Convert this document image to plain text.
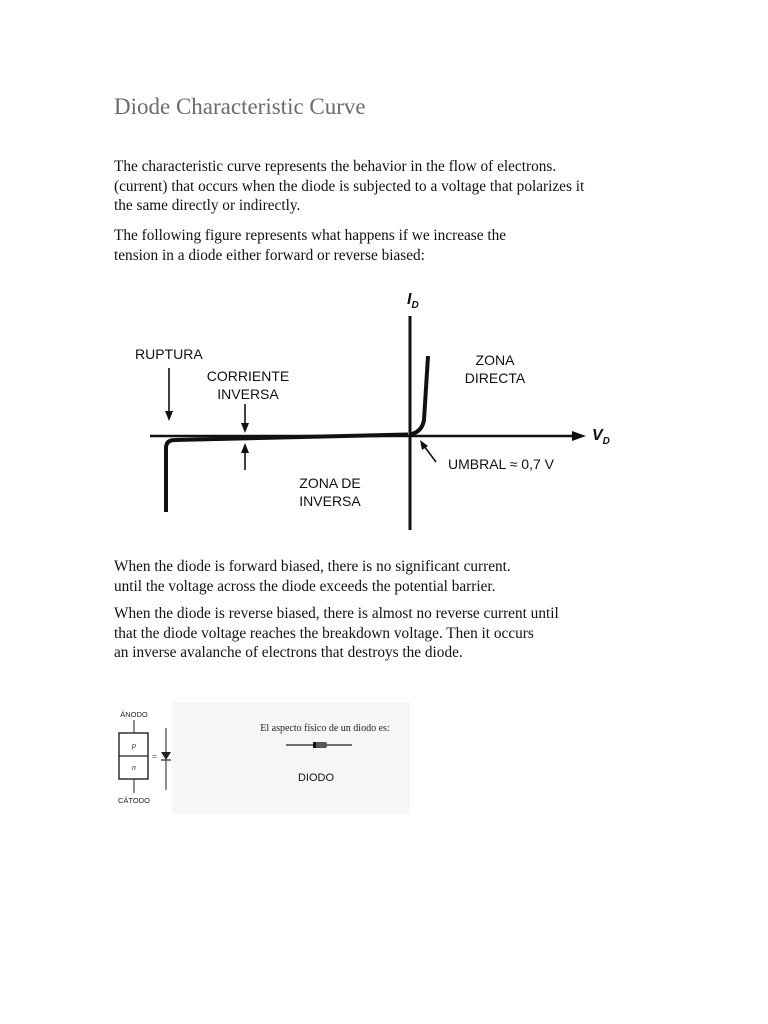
Diode Characteristic Curve

The characteristic curve represents the behavior in the flow of electrons.
(current) that occurs when the diode is subjected to a voltage that polarizes it
the same directly or indirectly.

The following figure represents what happens if we increase the
tension in a diode either forward or reverse biased:

$I_D$
$V_D$
RUPTURA
CORRIENTE
INVERSA
ZONA
DIRECTA
ZONA DE
INVERSA
UMBRAL ≈ 0,7 V
ÁNODO
p
n
CÁTODO
=
El aspecto físico de un diodo es:
DIODO

When the diode is forward biased, there is no significant current.
until the voltage across the diode exceeds the potential barrier.

When the diode is reverse biased, there is almost no reverse current until
that the diode voltage reaches the breakdown voltage. Then it occurs
an inverse avalanche of electrons that destroys the diode.
